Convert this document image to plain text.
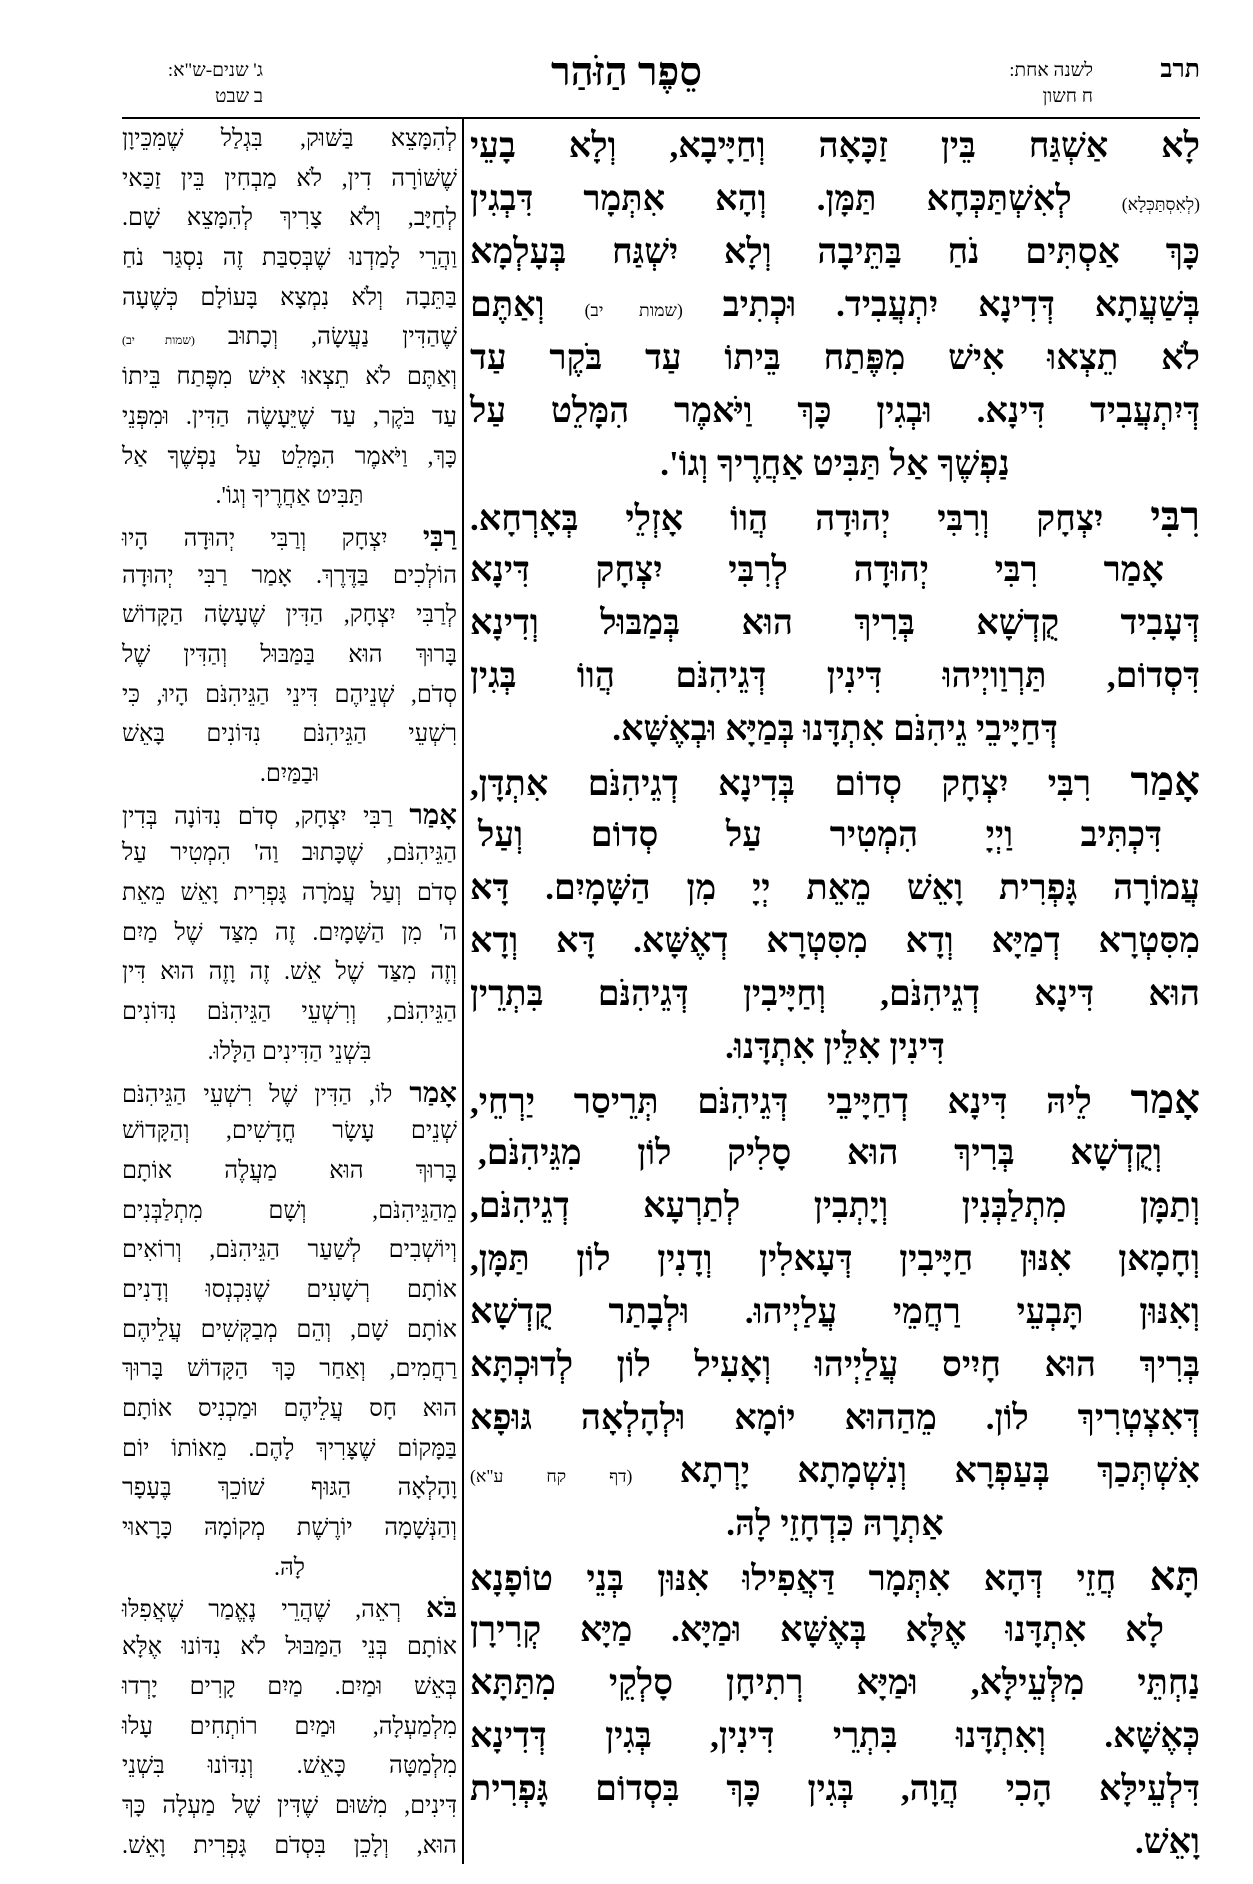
תרב
לשנה אחת:
ח חשון
סֵפֶר הַזֹּהַר
ג' שנים-ש"א:
ב שבט
לָא אַשְׁגַּח בֵּין זַכָּאָה וְחַיָּיבָא, וְלָא בָעֵי
(לְאִסְתַּכְּלָא) לְאִשְׁתַּכְּחָא תַּמָּן. וְהָא אִתְּמָר דִּבְגִין
כָּךְ אַסְתִּים נֹחַ בַּתֵּיבָה וְלָא יִשְׁגַּח בְּעָלְמָא
בְּשַׁעֲתָא דְּדִינָא יִתְעֲבִיד. וּכְתִיב (שמות יב) וְאַתֶּם
לֹא תֵצְאוּ אִישׁ מִפֶּתַח בֵּיתוֹ עַד בֹּקֶר עַד
דְּיִתְעֲבִיד דִּינָא. וּבְגִין כָּךְ וַיֹּאמֶר הִמָּלֵט עַל
נַפְשֶׁךָ אַל תַּבִּיט אַחֲרֶיךָ וְגוֹ'.
רִבִּי יִצְחָק וְרִבִּי יְהוּדָה הֲווֹ אָזְלֵי בְּאָרְחָא.
אָמַר רִבִּי יְהוּדָה לְרִבִּי יִצְחָק דִּינָא
דְּעָבִיד קֻדְשָׁא בְּרִיךְ הוּא בְּמַבּוּל וְדִינָא
דִּסְדוֹם, תַּרְוַויְיהוּ דִּינִין דְּגֵיהִנֹּם הֲווֹ בְּגִין
דְּחַיָּיבֵי גֵיהִנֹּם אִתְדָּנוּ בְּמַיָּא וּבְאֶשָּׁא.
אָמַר רִבִּי יִצְחָק סְדוֹם בְּדִינָא דְגֵיהִנֹּם אִתְדָּן,
דִּכְתִּיב וַיְיָ הִמְטִיר עַל סְדוֹם וְעַל
עֲמוֹרָה גָּפְרִית וָאֵשׁ מֵאֵת יְיָ מִן הַשָּׁמָיִם. דָּא
מִסִּטְרָא דְמַיָּא וְדָא מִסִּטְרָא דְאֶשָּׁא. דָּא וְדָא
הוּא דִּינָא דְגֵיהִנֹּם, וְחַיָּיבִין דְּגֵיהִנֹּם בִּתְרֵין
דִּינִין אִלֵּין אִתְדָּנוּ.
אָמַר לֵיהּ דִּינָא דְחַיָּיבֵי דְּגֵיהִנֹּם תְּרֵיסַר יַרְחֵי,
וְקֻדְשָׁא בְּרִיךְ הוּא סָלִיק לוֹן מִגֵּיהִנֹּם,
וְתַמָּן מִתְלַבְּנִין וְיָתְבִין לְתַרְעָא דְגֵיהִנֹּם,
וְחָמָאן אִנּוּן חַיָּיבִין דְּעָאלִין וְדָנִין לוֹן תַּמָּן,
וְאִנּוּן תָּבְעֵי רַחֲמֵי עֲלַיְיהוּ. וּלְבָתַר קֻדְשָׁא
בְּרִיךְ הוּא חָיִיס עֲלַיְיהוּ וְאָעִיל לוֹן לְדוּכְתָּא
דְּאִצְטְרִיךְ לוֹן. מֵהַהוּא יוֹמָא וּלְהָלְאָה גּוּפָא
אִשְׁתְּכַךְ בְּעַפְרָא וְנִשְׁמָתָא יָרְתָא (דף קח ע"א)
אַתְרָהּ כִּדְחָזֵי לָהּ.
תָּא חֲזֵי דְּהָא אִתְּמָר דַּאֲפִילוּ אִנּוּן בְּנֵי טוֹפָנָא
לָא אִתְדָּנוּ אֶלָּא בְּאֶשָּׁא וּמַיָּא. מַיָּא קְרִירָן
נַחְתֵּי מִלְּעֵילָּא, וּמַיָּא רְתִיחָן סָלְקֵי מִתַּתָּא
כְּאֶשָּׁא. וְאִתְדָּנוּ בִּתְרֵי דִּינִין, בְּגִין דְּדִינָא
דִּלְעֵילָּא הָכִי הֲוָה, בְּגִין כָּךְ בִּסְדוֹם גָּפְרִית
וָאֵשׁ.
לְהִמָּצֵא בַּשּׁוּק, בִּגְלַל שֶׁמִּכֵּיוָן
שֶׁשּׁוֹרָה דִין, לֹא מַבְחִין בֵּין זַכַּאי
לְחַיָּב, וְלֹא צָרִיךְ לְהִמָּצֵא שָׁם.
וַהֲרֵי לָמַדְנוּ שֶׁבְּסִבַּת זֶה נִסְגַּר נֹחַ
בַּתֵּבָה וְלֹא נִמְצָא בָּעוֹלָם כְּשֶׁעָה
שֶׁהַדִּין נַעֲשָׂה, וְכָתוּב (שמות יב)
וְאַתֶּם לֹא תֵצְאוּ אִישׁ מִפֶּתַח בֵּיתוֹ
עַד בֹּקֶר, עַד שֶׁיֵּעָשֶׂה הַדִּין. וּמִפְּנֵי
כָּךְ, וַיֹּאמֶר הִמָּלֵט עַל נַפְשֶׁךָ אַל
תַּבִּיט אַחֲרֶיךָ וְגוֹ'.
רַבִּי יִצְחָק וְרַבִּי יְהוּדָה הָיוּ
הוֹלְכִים בַּדֶּרֶךְ. אָמַר רַבִּי יְהוּדָה
לְרַבִּי יִצְחָק, הַדִּין שֶׁעָשָׂה הַקָּדוֹשׁ
בָּרוּךְ הוּא בַּמַּבּוּל וְהַדִּין שֶׁל
סְדֹם, שְׁנֵיהֶם דִּינֵי הַגֵּיהִנֹּם הָיוּ, כִּי
רִשְׁעֵי הַגֵּיהִנֹּם נִדּוֹנִים בָּאֵשׁ
וּבַמַּיִם.
אָמַר רַבִּי יִצְחָק, סְדֹם נִדּוֹנָה בְּדִין
הַגֵּיהִנֹּם, שֶׁכָּתוּב וַה' הִמְטִיר עַל
סְדֹם וְעַל עֲמֹרָה גָּפְרִית וָאֵשׁ מֵאֵת
ה' מִן הַשָּׁמָיִם. זֶה מִצַּד שֶׁל מַיִם
וְזֶה מִצַּד שֶׁל אֵשׁ. זֶה וָזֶה הוּא דִּין
הַגֵּיהִנֹּם, וְרִשְׁעֵי הַגֵּיהִנֹּם נִדּוֹנִים
בִּשְׁנֵי הַדִּינִים הַלָּלוּ.
אָמַר לוֹ, הַדִּין שֶׁל רִשְׁעֵי הַגֵּיהִנֹּם
שְׁנֵים עָשָׂר חֳדָשִׁים, וְהַקָּדוֹשׁ
בָּרוּךְ הוּא מַעֲלֶה אוֹתָם
מֵהַגֵּיהִנֹּם, וְשָׁם מִתְלַבְּנִים
וְיוֹשְׁבִים לְשַׁעַר הַגֵּיהִנֹּם, וְרוֹאִים
אוֹתָם רְשָׁעִים שֶׁנִּכְנְסוּ וְדָנִים
אוֹתָם שָׁם, וְהֵם מְבַקְּשִׁים עֲלֵיהֶם
רַחֲמִים, וְאַחַר כָּךְ הַקָּדוֹשׁ בָּרוּךְ
הוּא חָס עֲלֵיהֶם וּמַכְנִיס אוֹתָם
בַּמָּקוֹם שֶׁצָּרִיךְ לָהֶם. מֵאוֹתוֹ יוֹם
וָהָלְאָה הַגּוּף שׁוֹכֵךְ בֶּעָפָר
וְהַנְּשָׁמָה יוֹרֶשֶׁת מְקוֹמָהּ כָּרָאוּי
לָהּ.
בֹּא רְאֵה, שֶׁהֲרֵי נֶאֱמַר שֶׁאֲפִלּוּ
אוֹתָם בְּנֵי הַמַּבּוּל לֹא נִדּוֹנוּ אֶלָּא
בְּאֵשׁ וּמַיִם. מַיִם קָרִים יָרְדוּ
מִלְמַעְלָה, וּמַיִם רוֹתְחִים עָלוּ
מִלְמַטָּה כָּאֵשׁ. וְנִדּוֹנוּ בִּשְׁנֵי
דִּינִים, מִשּׁוּם שֶׁדִּין שֶׁל מַעְלָה כָּךְ
הוּא, וְלָכֵן בִּסְדֹם גָּפְרִית וָאֵשׁ.
